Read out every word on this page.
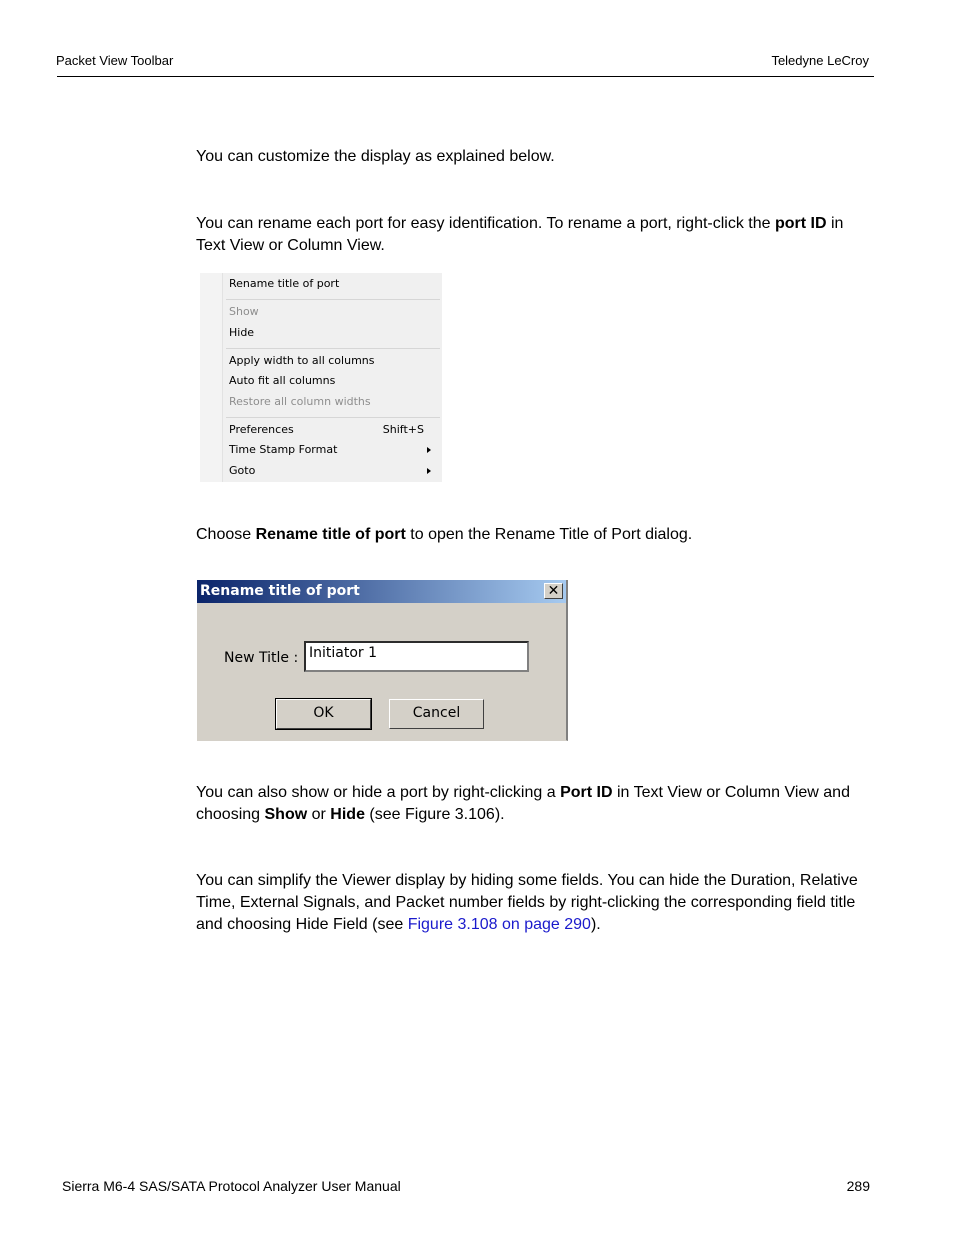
Packet View Toolbar	Teledyne LeCroy
You can customize the display as explained below.
You can rename each port for easy identification. To rename a port, right-click the port ID in Text View or Column View.
Rename title of port
Show
Hide
Apply width to all columns
Auto fit all columns
Restore all column widths
Preferences	Shift+S
Time Stamp Format
Goto
Choose Rename title of port to open the Rename Title of Port dialog.
Rename title of port	✕
New Title : Initiator 1
OK	Cancel
You can also show or hide a port by right-clicking a Port ID in Text View or Column View and choosing Show or Hide (see Figure 3.106).
You can simplify the Viewer display by hiding some fields. You can hide the Duration, Relative Time, External Signals, and Packet number fields by right-clicking the corresponding field title and choosing Hide Field (see Figure 3.108 on page 290).
Sierra M6-4 SAS/SATA Protocol Analyzer User Manual	289
